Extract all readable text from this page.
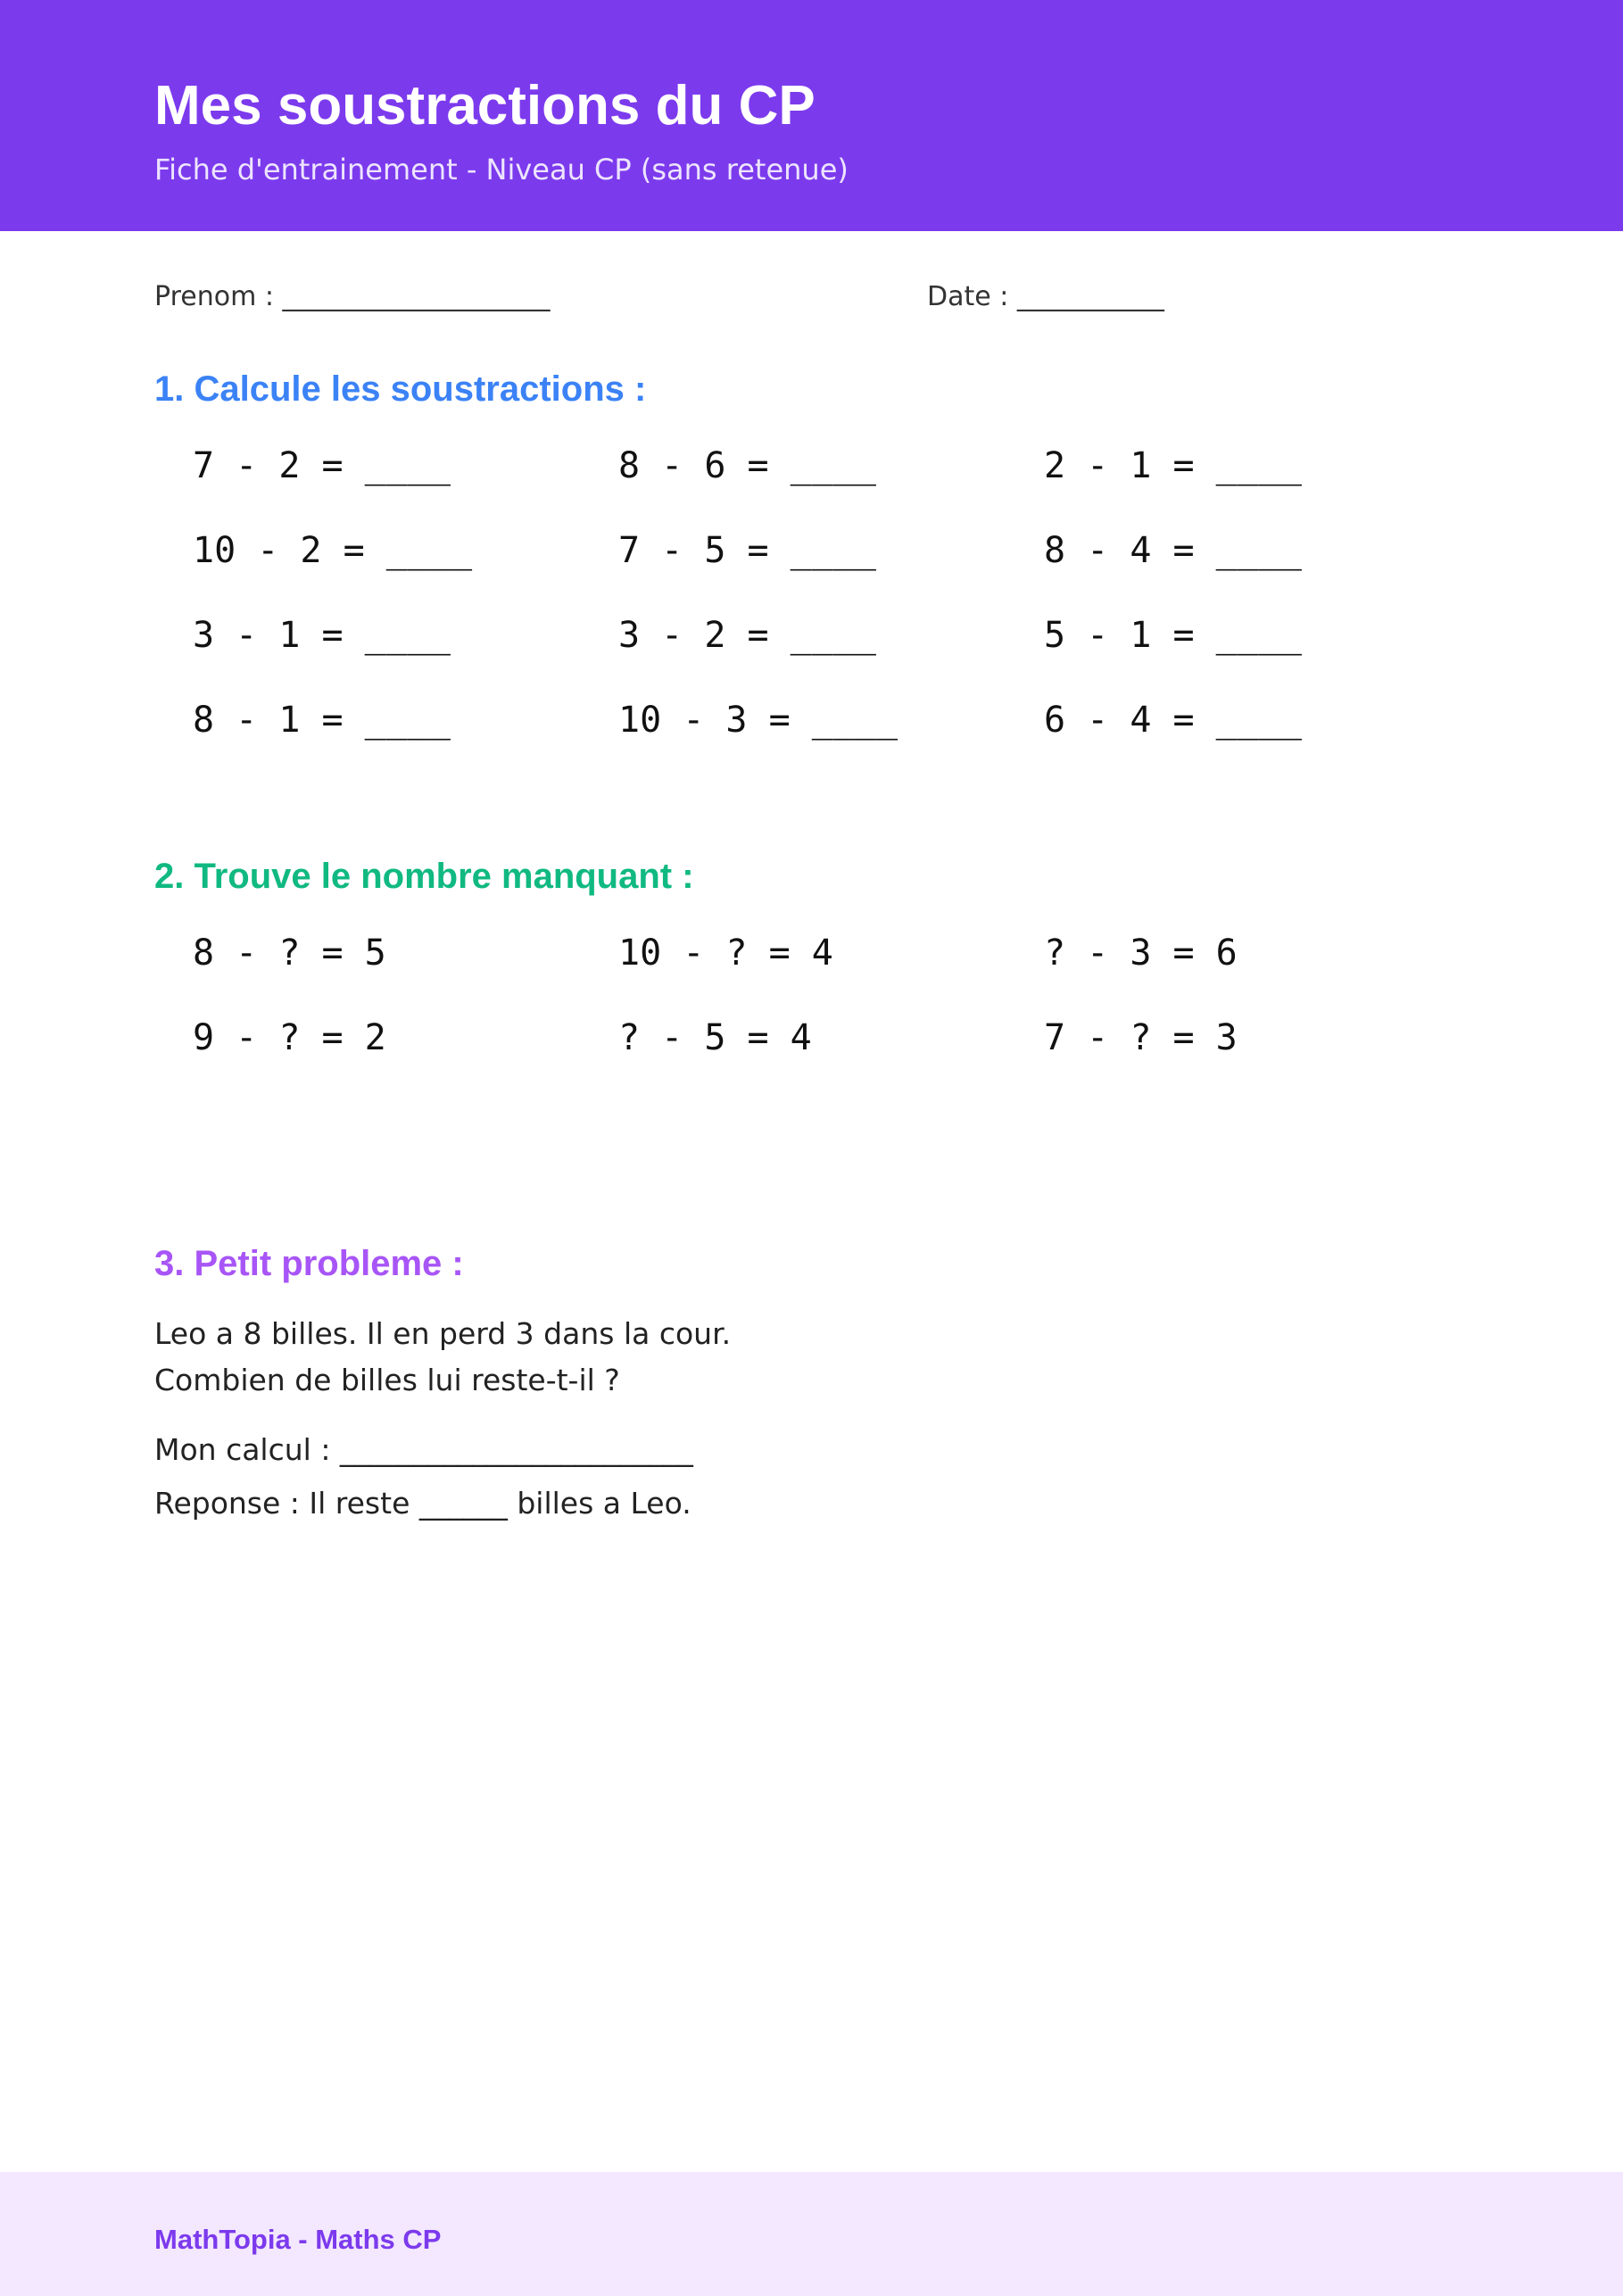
Mes soustractions du CP

Fiche d'entrainement - Niveau CP (sans retenue)

Prenom : ____________________	Date : ___________
1. Calcule les soustractions :
7 - 2 = ____	8 - 6 = ____	2 - 1 = ____
10 - 2 = ____	7 - 5 = ____	8 - 4 = ____
3 - 1 = ____	3 - 2 = ____	5 - 1 = ____
8 - 1 = ____	10 - 3 = ____	6 - 4 = ____
2. Trouve le nombre manquant :
8 - ? = 5	10 - ? = 4	? - 3 = 6
9 - ? = 2	? - 5 = 4	7 - ? = 3
3. Petit probleme :
Leo a 8 billes. Il en perd 3 dans la cour.
Combien de billes lui reste-t-il ?
Mon calcul : ________________________
Reponse : Il reste ______ billes a Leo.
MathTopia - Maths CP
